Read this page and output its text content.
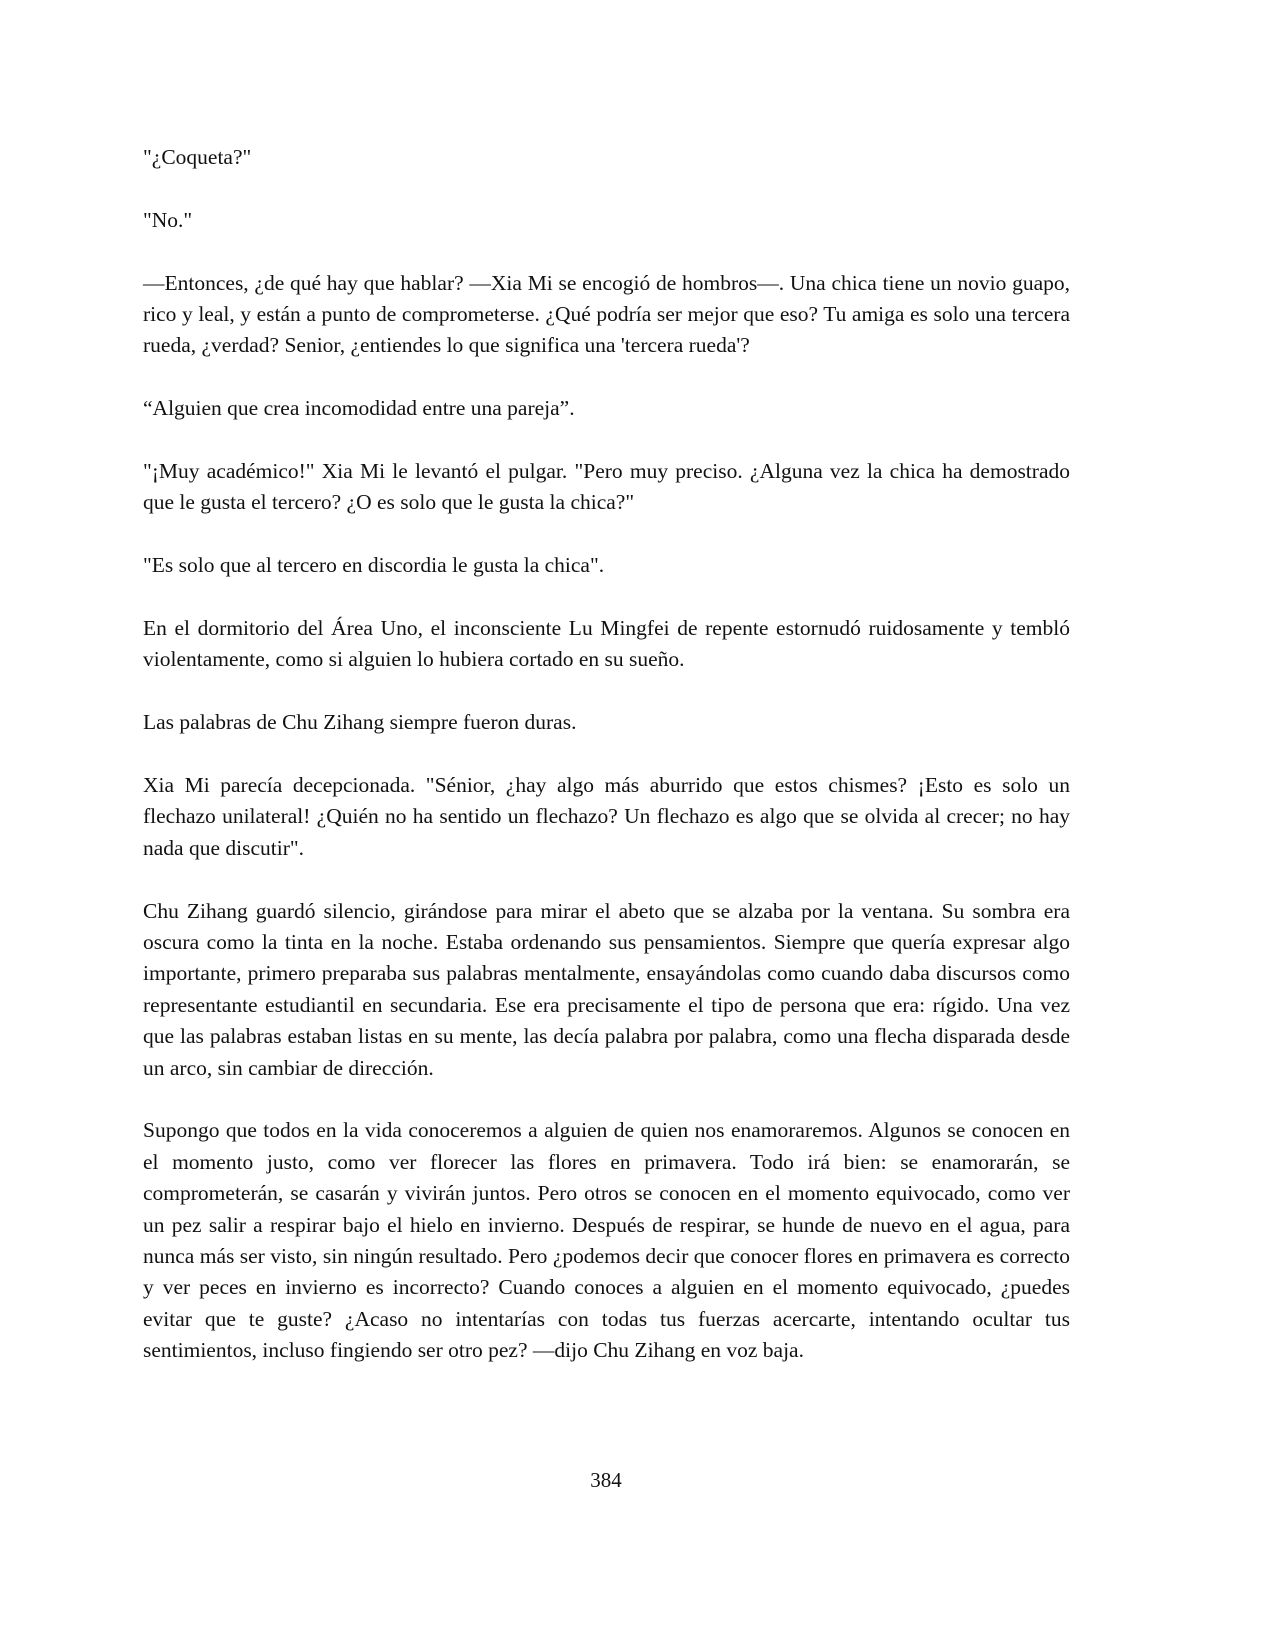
"¿Coqueta?"

"No."

—Entonces, ¿de qué hay que hablar? —Xia Mi se encogió de hombros—. Una chica tiene un novio guapo, rico y leal, y están a punto de comprometerse. ¿Qué podría ser mejor que eso? Tu amiga es solo una tercera rueda, ¿verdad? Senior, ¿entiendes lo que significa una 'tercera rueda'?

“Alguien que crea incomodidad entre una pareja”.

"¡Muy académico!" Xia Mi le levantó el pulgar. "Pero muy preciso. ¿Alguna vez la chica ha demostrado que le gusta el tercero? ¿O es solo que le gusta la chica?"

"Es solo que al tercero en discordia le gusta la chica".

En el dormitorio del Área Uno, el inconsciente Lu Mingfei de repente estornudó ruidosamente y tembló violentamente, como si alguien lo hubiera cortado en su sueño.

Las palabras de Chu Zihang siempre fueron duras.

Xia Mi parecía decepcionada. "Sénior, ¿hay algo más aburrido que estos chismes? ¡Esto es solo un flechazo unilateral! ¿Quién no ha sentido un flechazo? Un flechazo es algo que se olvida al crecer; no hay nada que discutir".

Chu Zihang guardó silencio, girándose para mirar el abeto que se alzaba por la ventana. Su sombra era oscura como la tinta en la noche. Estaba ordenando sus pensamientos. Siempre que quería expresar algo importante, primero preparaba sus palabras mentalmente, ensayándolas como cuando daba discursos como representante estudiantil en secundaria. Ese era precisamente el tipo de persona que era: rígido. Una vez que las palabras estaban listas en su mente, las decía palabra por palabra, como una flecha disparada desde un arco, sin cambiar de dirección.

Supongo que todos en la vida conoceremos a alguien de quien nos enamoraremos. Algunos se conocen en el momento justo, como ver florecer las flores en primavera. Todo irá bien: se enamorarán, se comprometerán, se casarán y vivirán juntos. Pero otros se conocen en el momento equivocado, como ver un pez salir a respirar bajo el hielo en invierno. Después de respirar, se hunde de nuevo en el agua, para nunca más ser visto, sin ningún resultado. Pero ¿podemos decir que conocer flores en primavera es correcto y ver peces en invierno es incorrecto? Cuando conoces a alguien en el momento equivocado, ¿puedes evitar que te guste? ¿Acaso no intentarías con todas tus fuerzas acercarte, intentando ocultar tus sentimientos, incluso fingiendo ser otro pez? —dijo Chu Zihang en voz baja.

384
